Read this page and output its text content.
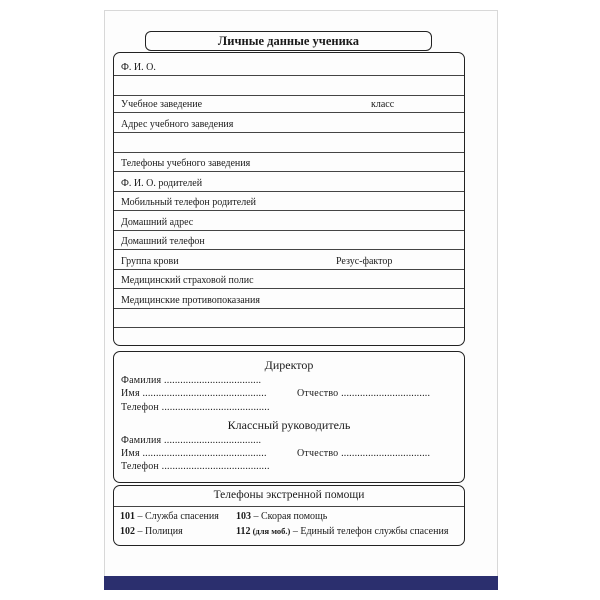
Личные данные ученика
Ф. И. О.
Учебное заведение	класс
Адрес учебного заведения
Телефоны учебного заведения
Ф. И. О. родителей
Мобильный телефон родителей
Домашний адрес
Домашний телефон
Группа крови	Резус-фактор
Медицинский страховой полис
Медицинские противопоказания
Директор
Фамилия ....................................
Имя ..............................................	Отчество .................................
Телефон ........................................
Классный руководитель
Фамилия ....................................
Имя ..............................................	Отчество .................................
Телефон ........................................
Телефоны экстренной помощи
101 – Служба спасения 103 – Скорая помощь
102 – Полиция	112 (для моб.) – Единый телефон службы спасения
